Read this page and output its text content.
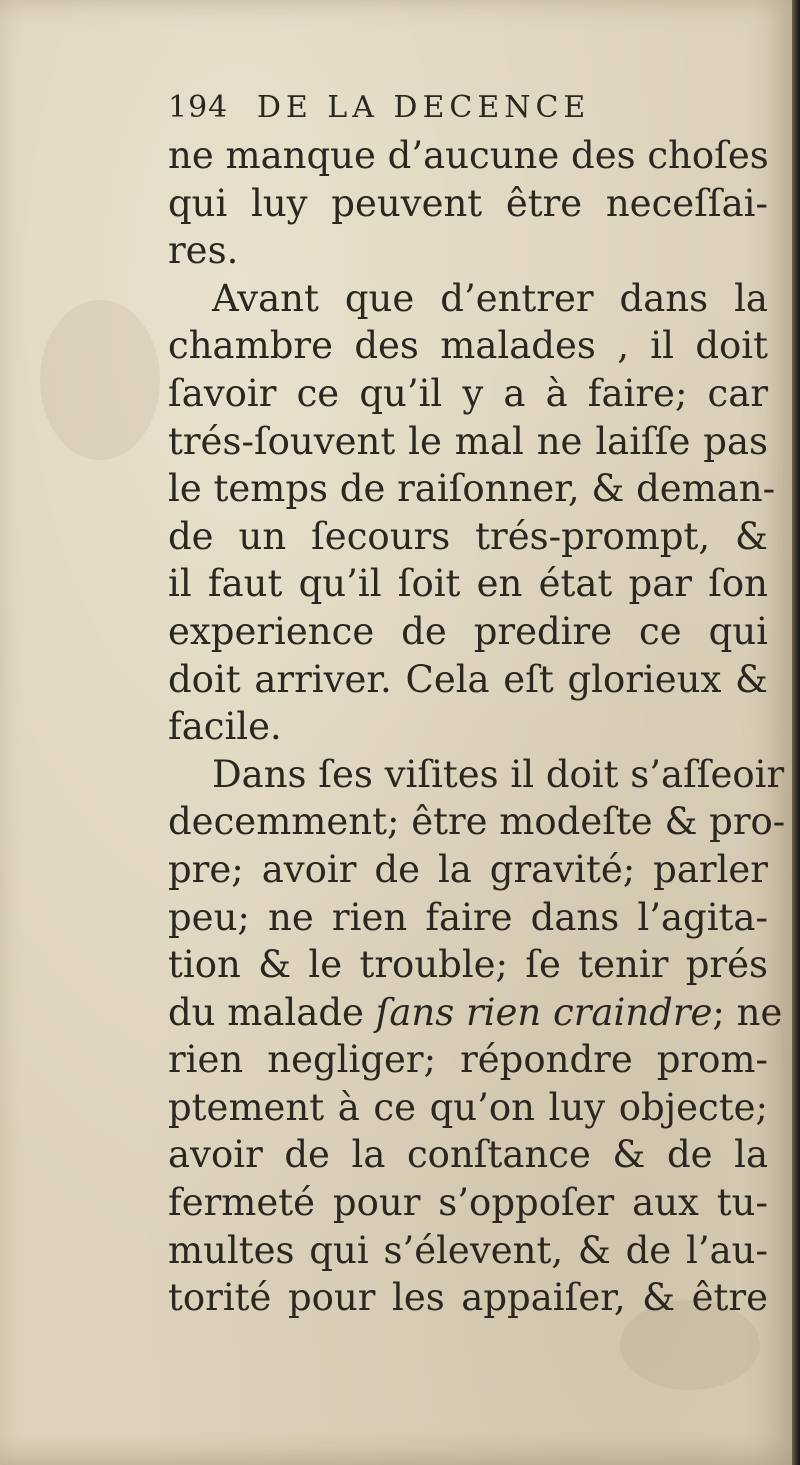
194 DE LA DECENCE
ne manque d’aucune des choſes
qui luy peuvent être neceſſai-
res.
Avant que d’entrer dans la
chambre des malades , il doit
ſavoir ce qu’il y a à faire; car
trés-ſouvent le mal ne laiſſe pas
le temps de raiſonner, & deman-
de un ſecours trés-prompt, &
il faut qu’il ſoit en état par ſon
experience de predire ce qui
doit arriver. Cela eſt glorieux &
facile.
Dans ſes viſites il doit s’aſſeoir
decemment; être modeſte & pro-
pre; avoir de la gravité; parler
peu; ne rien faire dans l’agita-
tion & le trouble; ſe tenir prés
du malade ſans rien craindre; ne
rien negliger; répondre prom-
ptement à ce qu’on luy objecte;
avoir de la conſtance & de la
fermeté pour s’oppoſer aux tu-
multes qui s’élevent, & de l’au-
torité pour les appaiſer, & être
